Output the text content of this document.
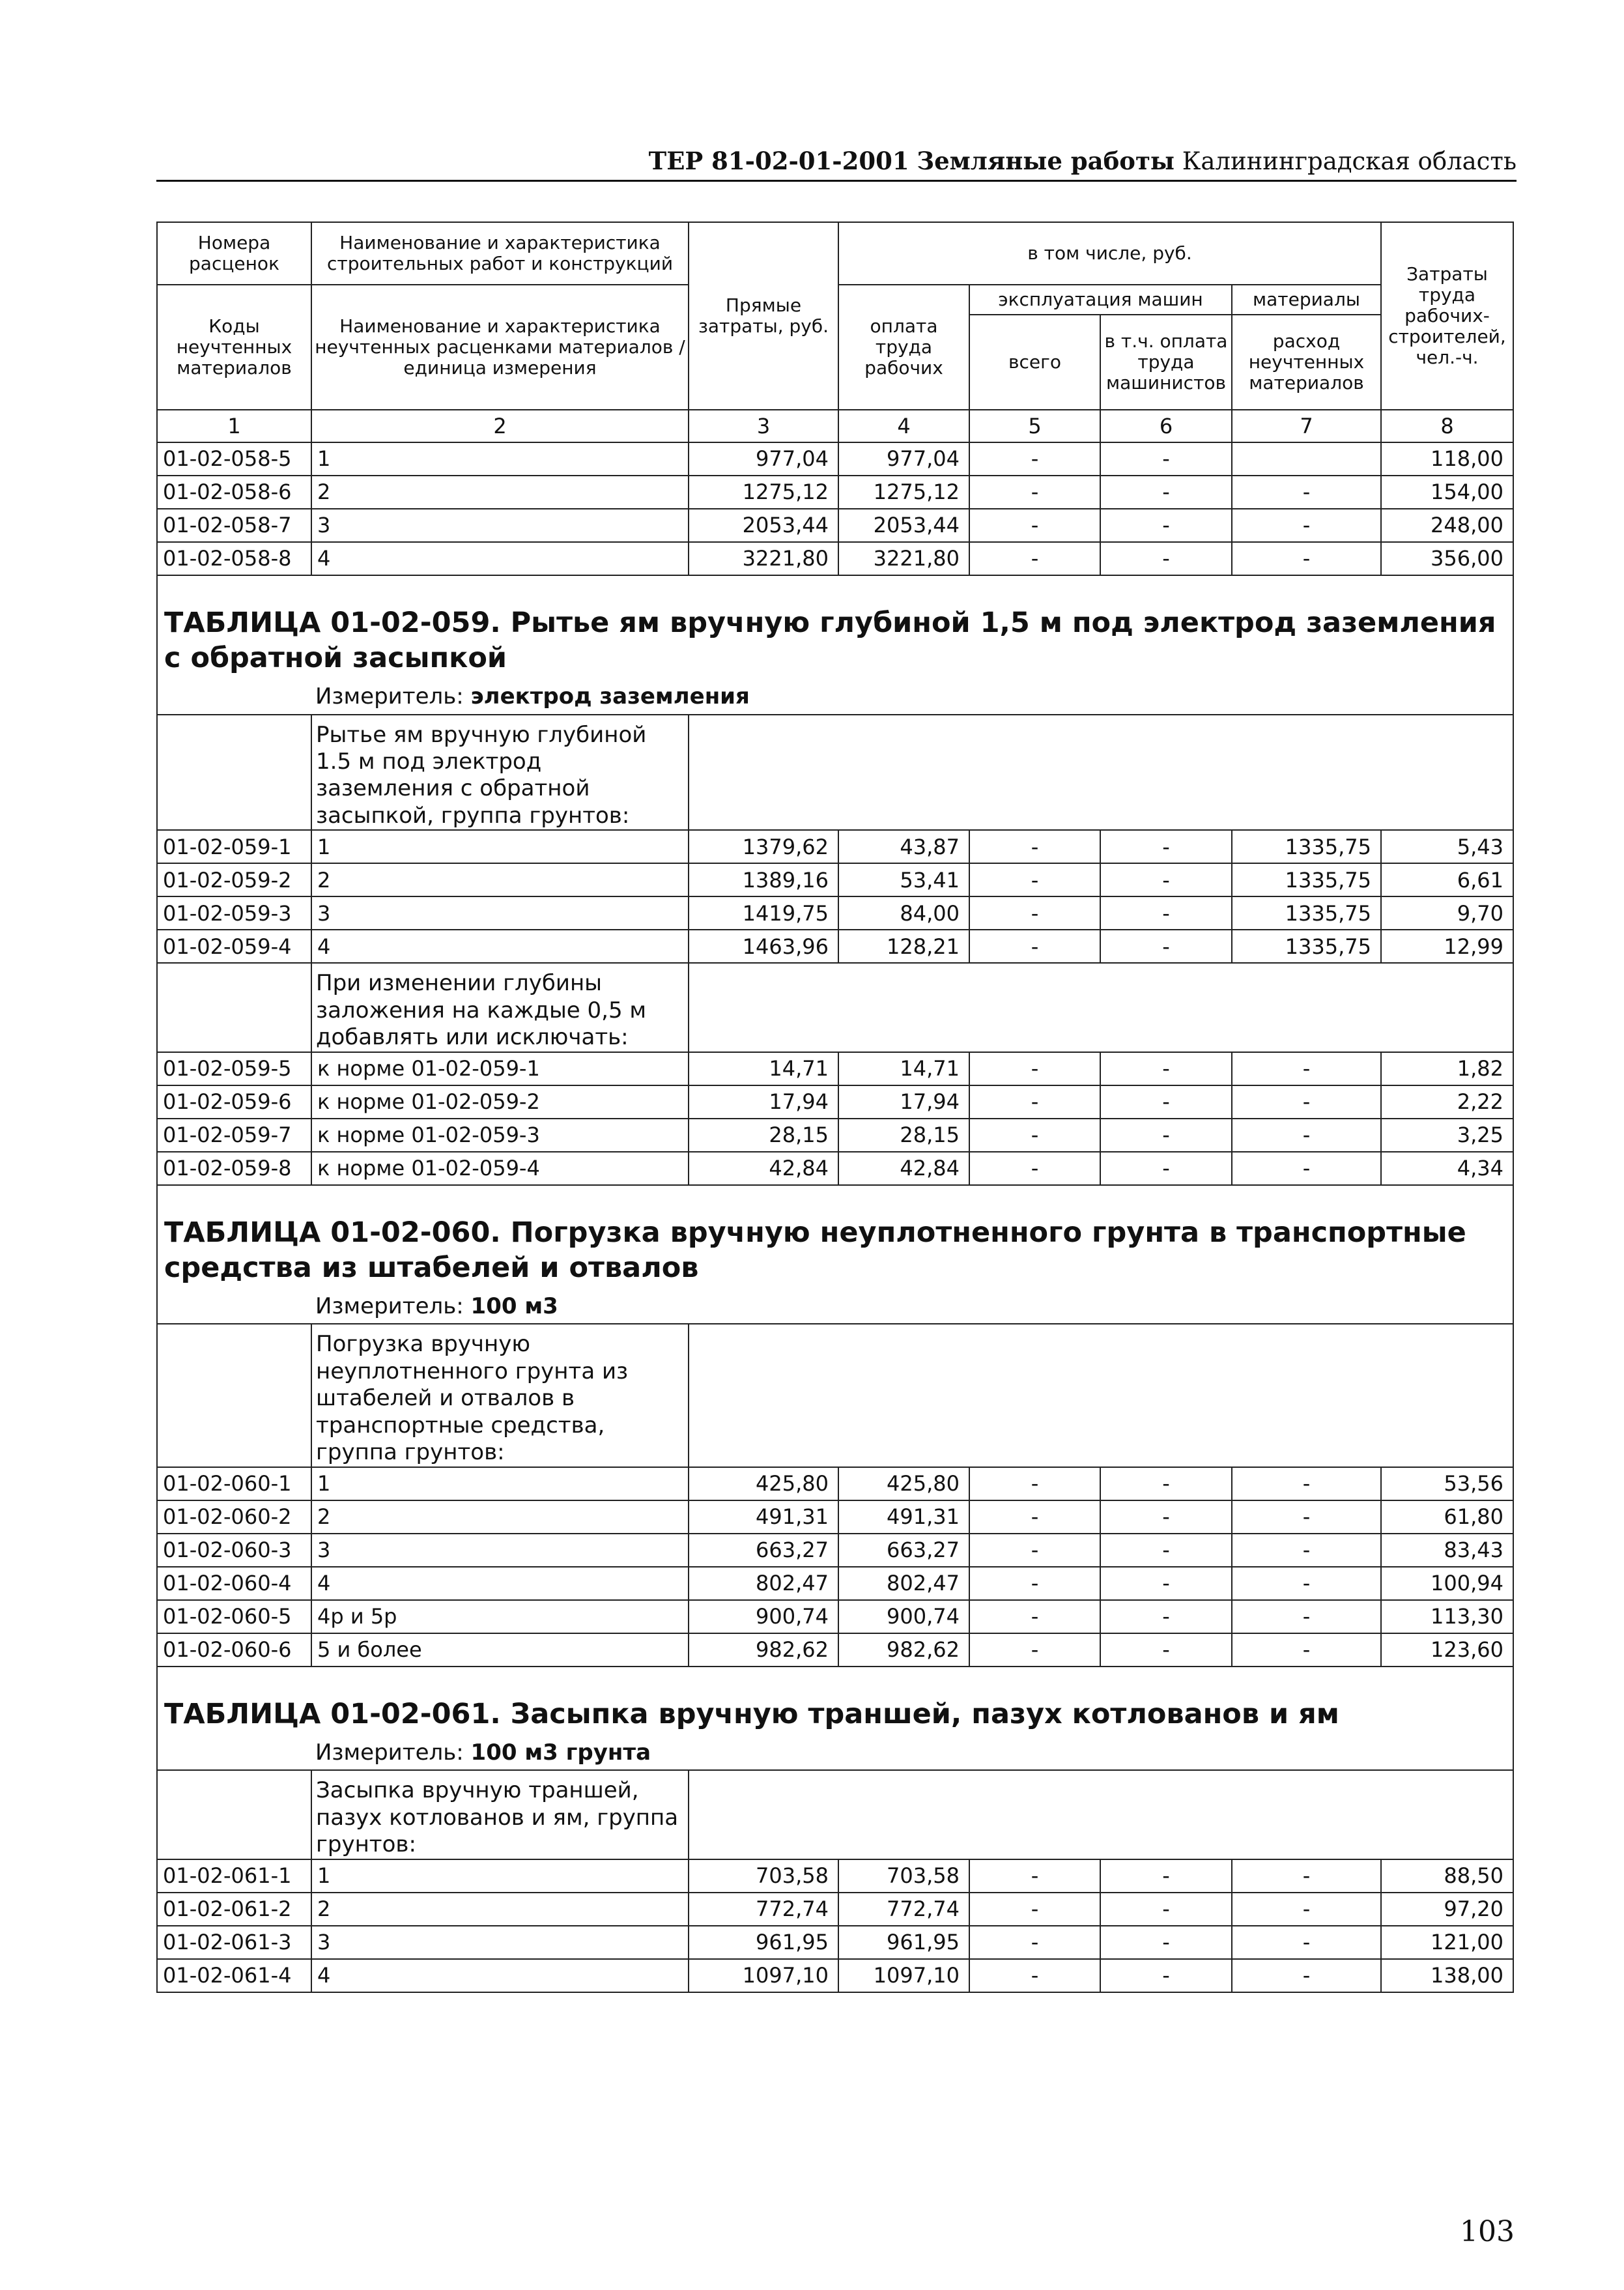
ТЕР 81-02-01-2001 Земляные работы Калининградская область
Номера расценок	Наименование и характеристика строительных работ и конструкций	Прямые затраты, руб.	в том числе, руб.				Затраты труда рабочих-строителей, чел.-ч.
Коды неучтенных материалов	Наименование и характеристика неучтенных расценками материалов / единица измерения		оплата труда рабочих	эксплуатация машин		материалы	
				всего	в т.ч. оплата труда машинистов	расход неучтенных материалов	

1	2	3	4	5	6	7	8
01-02-058-5	1	977,04	977,04	-	-		118,00
01-02-058-6	2	1275,12	1275,12	-	-	-	154,00
01-02-058-7	3	2053,44	2053,44	-	-	-	248,00
01-02-058-8	4	3221,80	3221,80	-	-	-	356,00

ТАБЛИЦА 01-02-059. Рытье ям вручную глубиной 1,5 м под электрод заземления с обратной засыпкой							
	Измеритель: электрод заземления						
	Рытье ям вручную глубиной 1.5 м под электрод заземления с обратной засыпкой, группа грунтов:						
01-02-059-1	1	1379,62	43,87	-	-	1335,75	5,43
01-02-059-2	2	1389,16	53,41	-	-	1335,75	6,61
01-02-059-3	3	1419,75	84,00	-	-	1335,75	9,70
01-02-059-4	4	1463,96	128,21	-	-	1335,75	12,99
	При изменении глубины заложения на каждые 0,5 м добавлять или исключать:						
01-02-059-5	к норме 01-02-059-1	14,71	14,71	-	-	-	1,82
01-02-059-6	к норме 01-02-059-2	17,94	17,94	-	-	-	2,22
01-02-059-7	к норме 01-02-059-3	28,15	28,15	-	-	-	3,25
01-02-059-8	к норме 01-02-059-4	42,84	42,84	-	-	-	4,34

ТАБЛИЦА 01-02-060. Погрузка вручную неуплотненного грунта в транспортные средства из штабелей и отвалов							
	Измеритель: 100 м3						
	Погрузка вручную неуплотненного грунта из штабелей и отвалов в транспортные средства, группа грунтов:						
01-02-060-1	1	425,80	425,80	-	-	-	53,56
01-02-060-2	2	491,31	491,31	-	-	-	61,80
01-02-060-3	3	663,27	663,27	-	-	-	83,43
01-02-060-4	4	802,47	802,47	-	-	-	100,94
01-02-060-5	4р и 5р	900,74	900,74	-	-	-	113,30
01-02-060-6	5 и более	982,62	982,62	-	-	-	123,60

ТАБЛИЦА 01-02-061. Засыпка вручную траншей, пазух котлованов и ям							
	Измеритель: 100 м3 грунта						
	Засыпка вручную траншей, пазух котлованов и ям, группа грунтов:						
01-02-061-1	1	703,58	703,58	-	-	-	88,50
01-02-061-2	2	772,74	772,74	-	-	-	97,20
01-02-061-3	3	961,95	961,95	-	-	-	121,00
01-02-061-4	4	1097,10	1097,10	-	-	-	138,00
103
